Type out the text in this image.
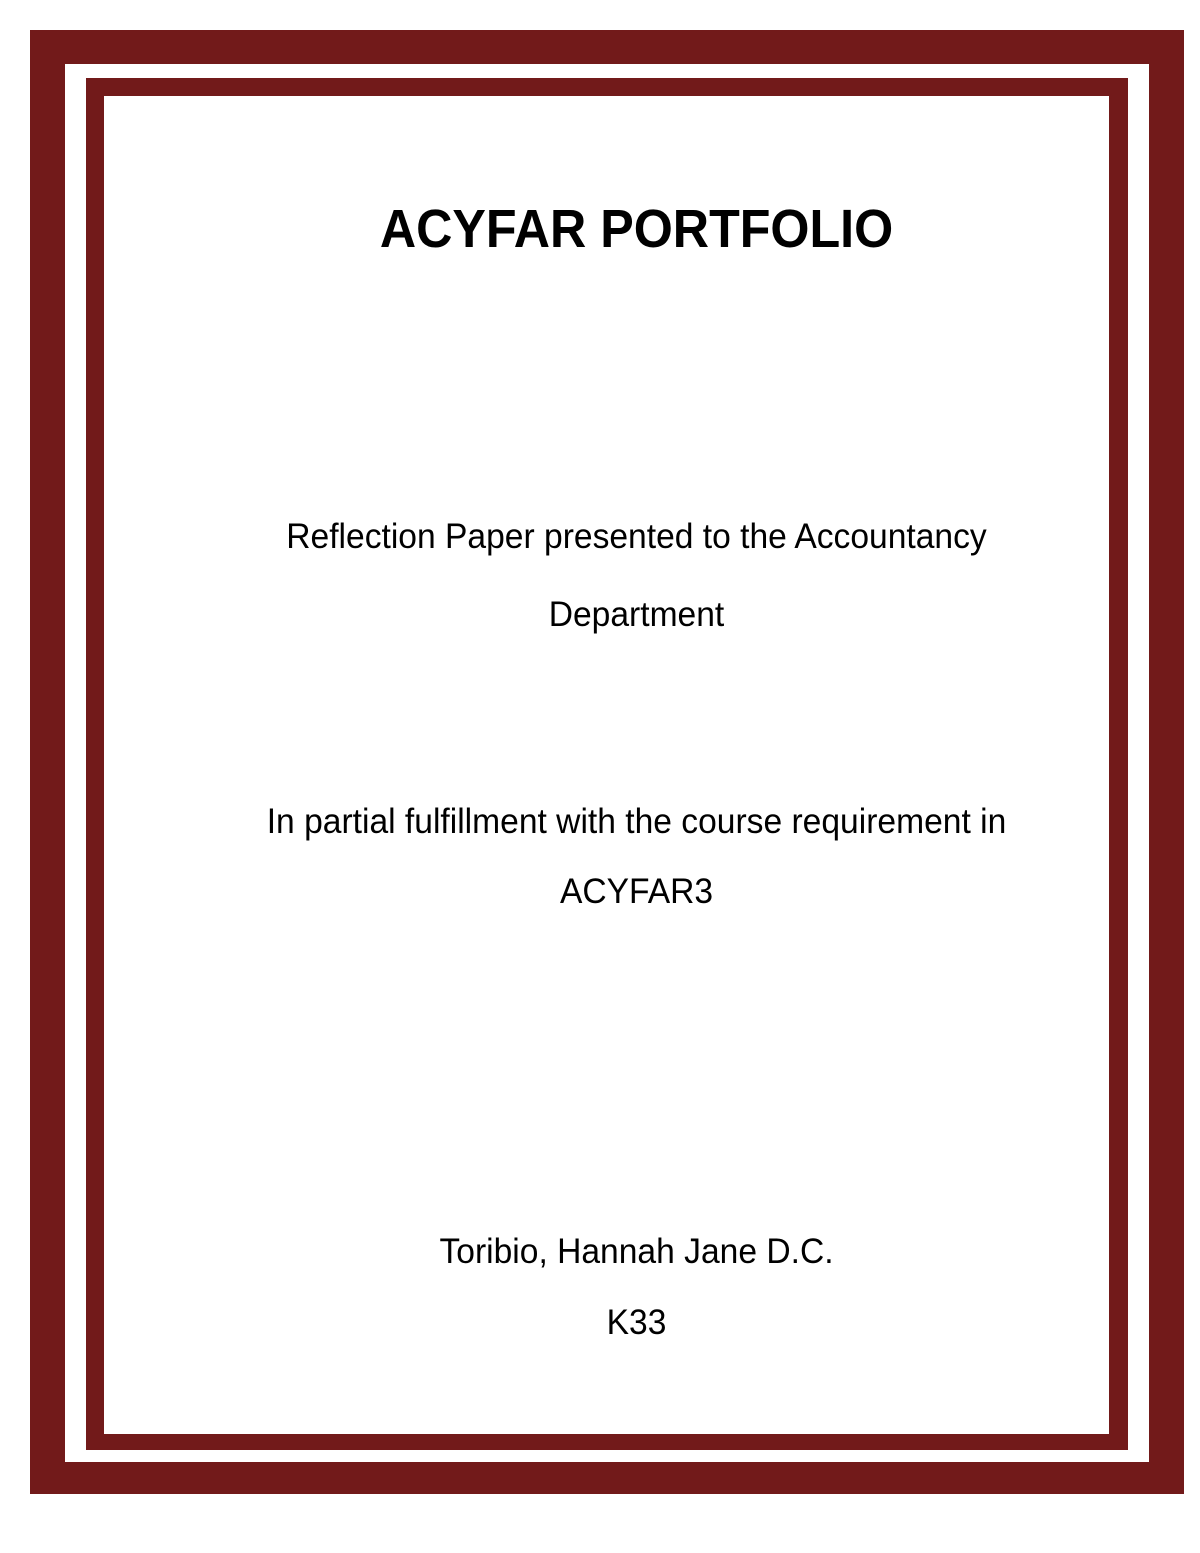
ACYFAR PORTFOLIO

Reflection Paper presented to the Accountancy

Department

In partial fulfillment with the course requirement in

ACYFAR3

Toribio, Hannah Jane D.C.

K33
